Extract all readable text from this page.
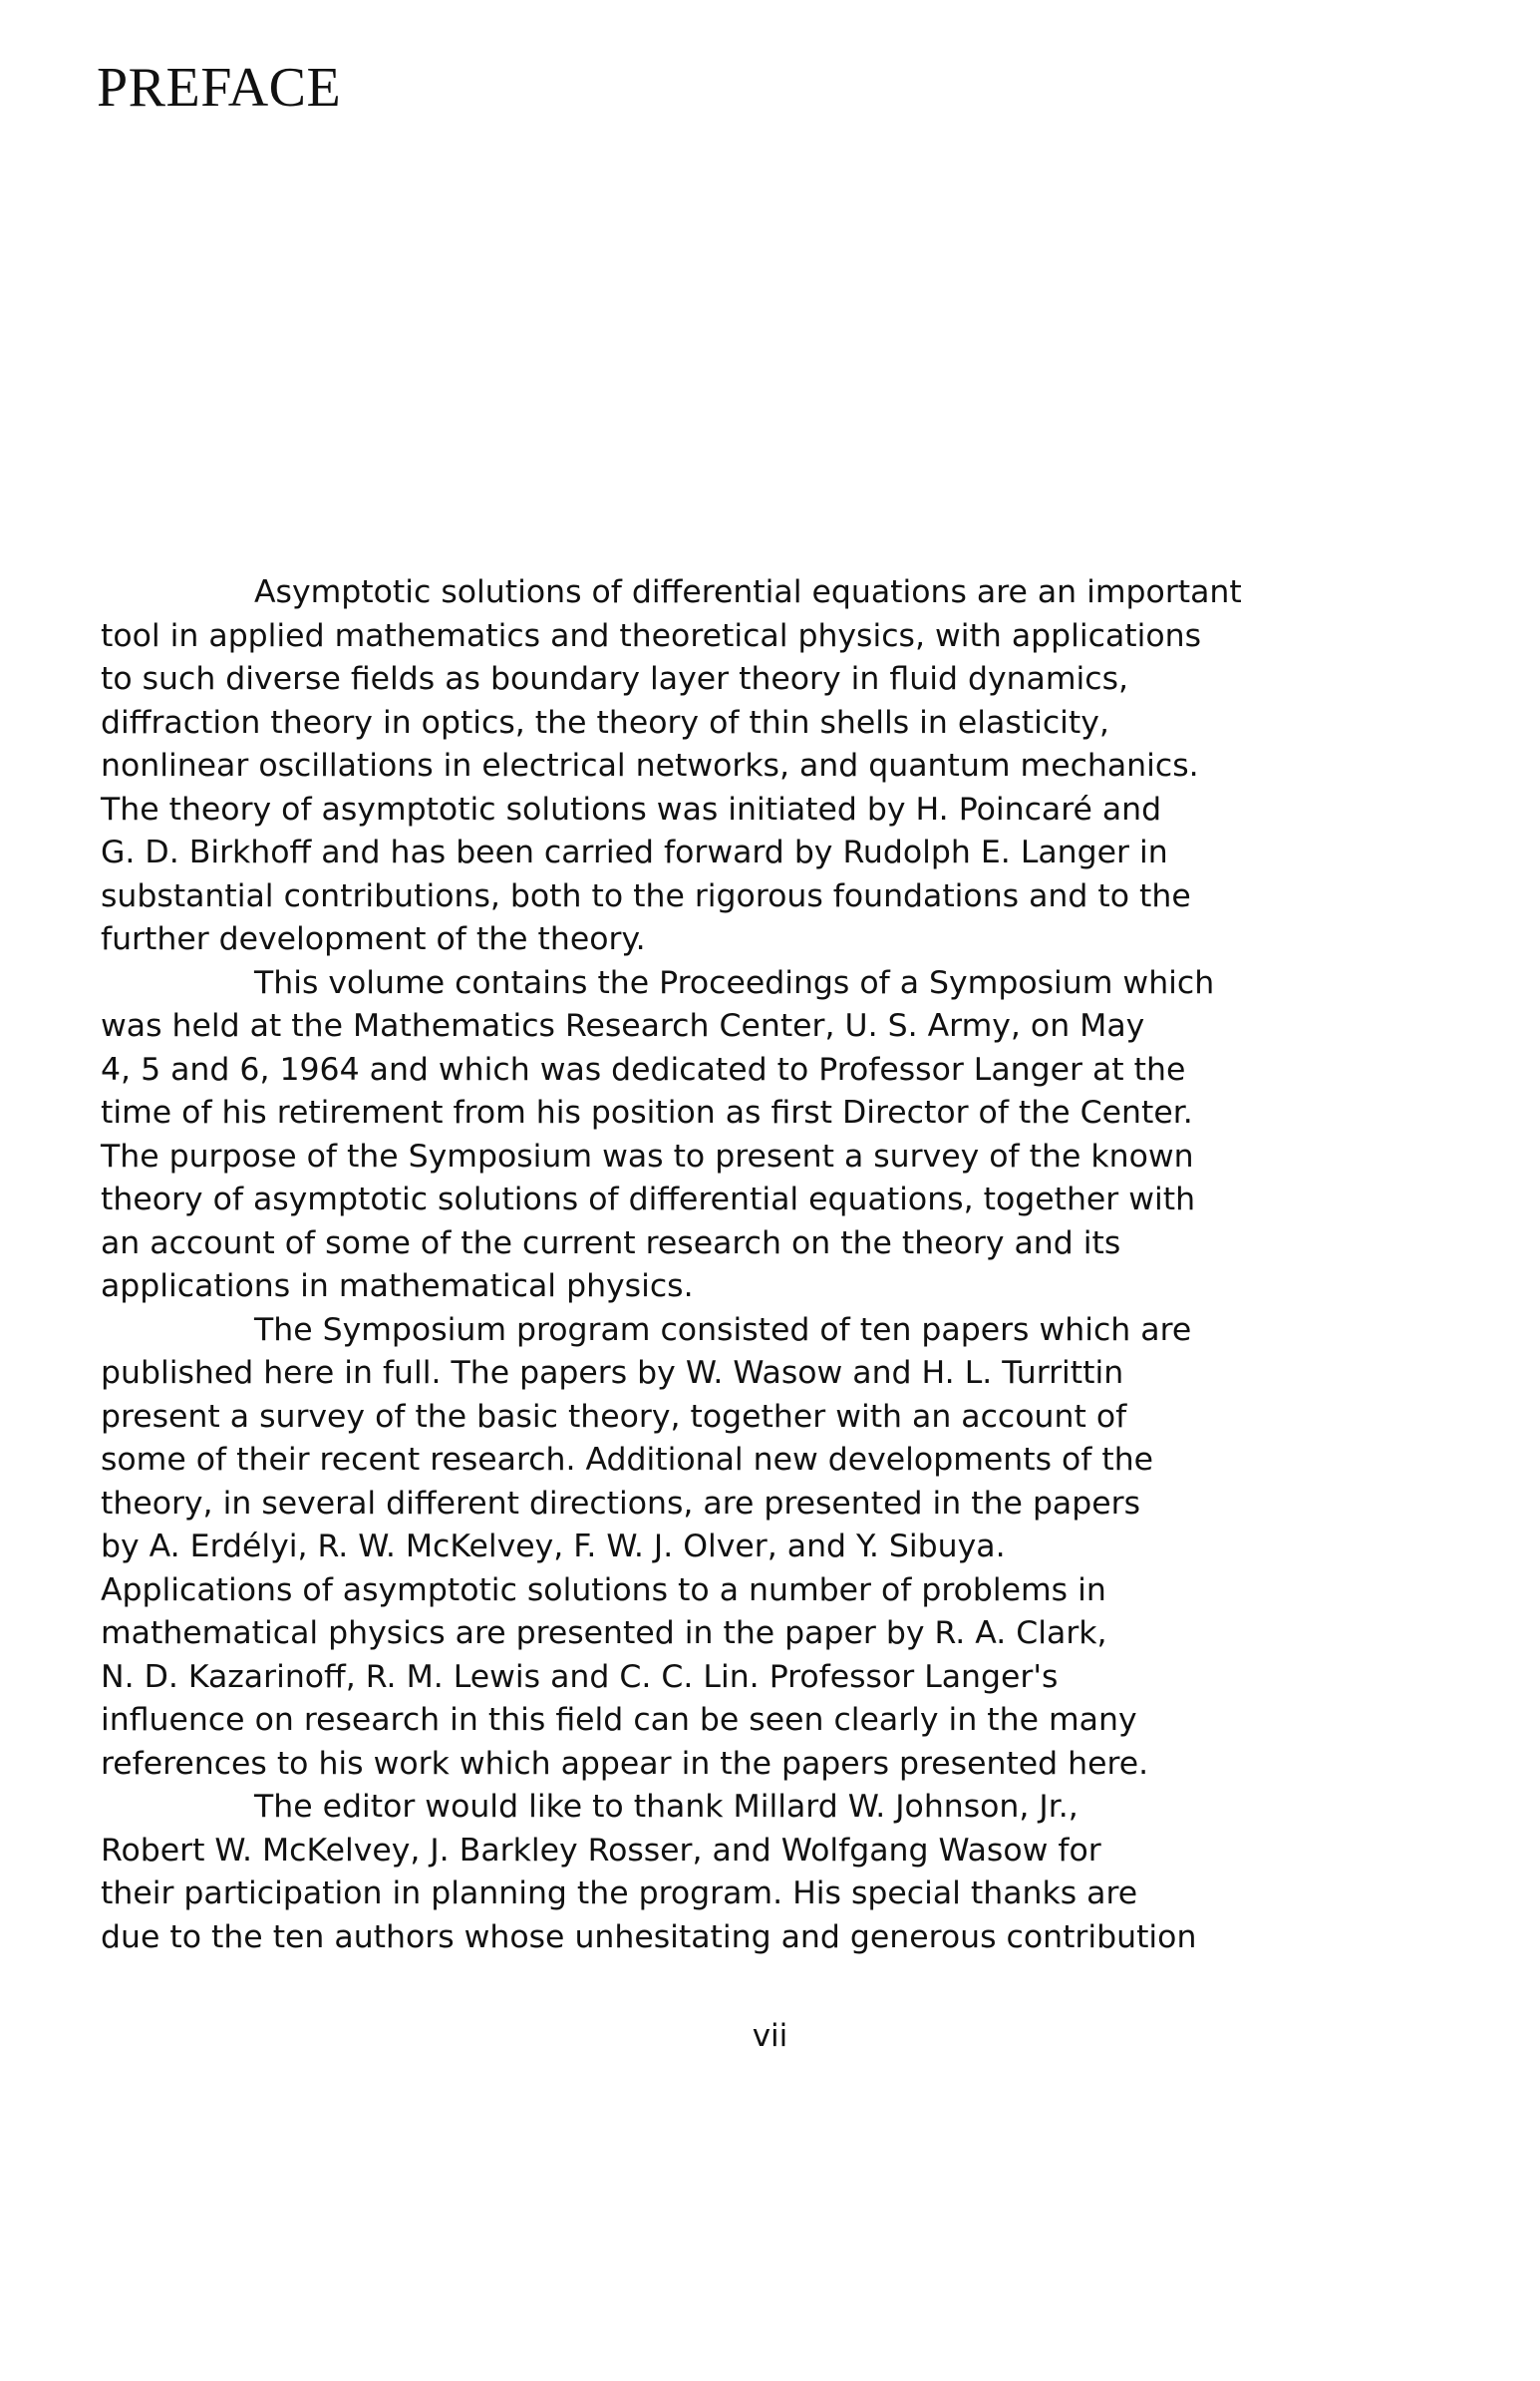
PREFACE
Asymptotic solutions of differential equations are an important
tool in applied mathematics and theoretical physics, with applications
to such diverse fields as boundary layer theory in fluid dynamics,
diffraction theory in optics, the theory of thin shells in elasticity,
nonlinear oscillations in electrical networks, and quantum mechanics.
The theory of asymptotic solutions was initiated by H. Poincaré and
G. D. Birkhoff and has been carried forward by Rudolph E. Langer in
substantial contributions, both to the rigorous foundations and to the
further development of the theory.
This volume contains the Proceedings of a Symposium which
was held at the Mathematics Research Center, U. S. Army, on May
4, 5 and 6, 1964 and which was dedicated to Professor Langer at the
time of his retirement from his position as first Director of the Center.
The purpose of the Symposium was to present a survey of the known
theory of asymptotic solutions of differential equations, together with
an account of some of the current research on the theory and its
applications in mathematical physics.
The Symposium program consisted of ten papers which are
published here in full. The papers by W. Wasow and H. L. Turrittin
present a survey of the basic theory, together with an account of
some of their recent research. Additional new developments of the
theory, in several different directions, are presented in the papers
by A. Erdélyi, R. W. McKelvey, F. W. J. Olver, and Y. Sibuya.
Applications of asymptotic solutions to a number of problems in
mathematical physics are presented in the paper by R. A. Clark,
N. D. Kazarinoff, R. M. Lewis and C. C. Lin. Professor Langer's
influence on research in this field can be seen clearly in the many
references to his work which appear in the papers presented here.
The editor would like to thank Millard W. Johnson, Jr.,
Robert W. McKelvey, J. Barkley Rosser, and Wolfgang Wasow for
their participation in planning the program. His special thanks are
due to the ten authors whose unhesitating and generous contribution
vii
